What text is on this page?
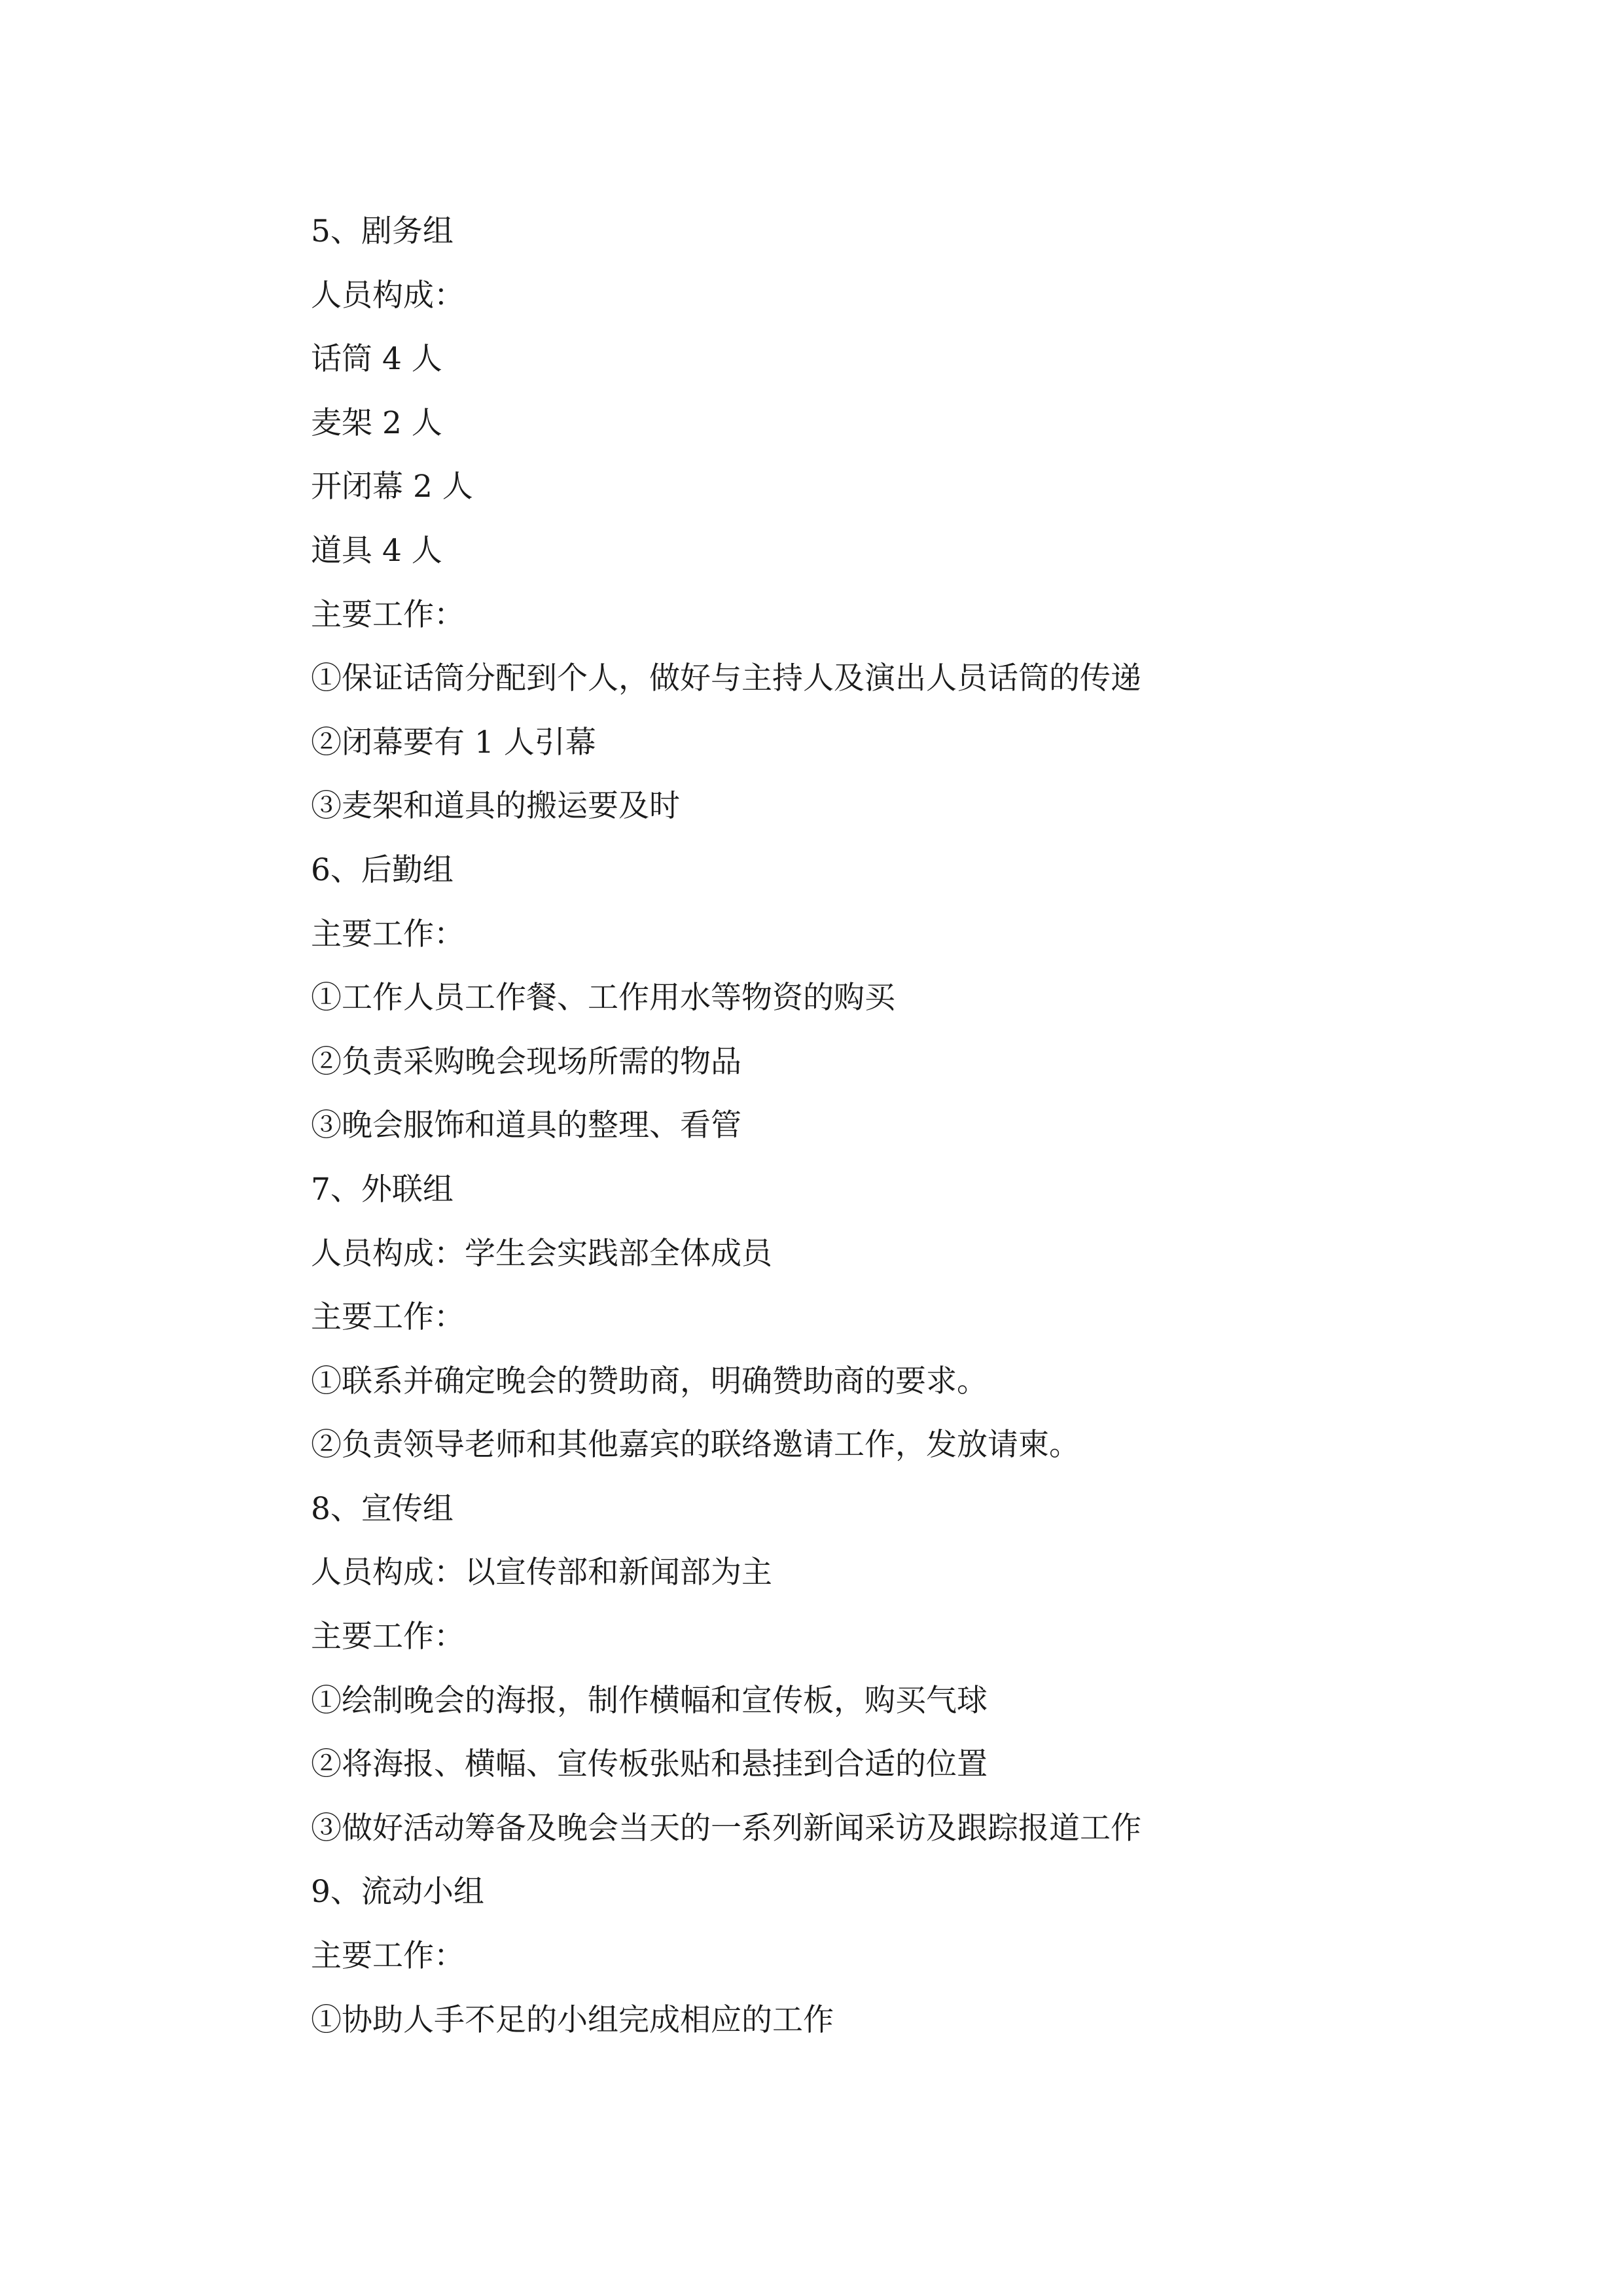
5、剧务组
人员构成：
话筒 4 人
麦架 2 人
开闭幕 2 人
道具 4 人
主要工作：
①保证话筒分配到个人，做好与主持人及演出人员话筒的传递
②闭幕要有 1 人引幕
③麦架和道具的搬运要及时
6、后勤组
主要工作：
①工作人员工作餐、工作用水等物资的购买
②负责采购晚会现场所需的物品
③晚会服饰和道具的整理、看管
7、外联组
人员构成：学生会实践部全体成员
主要工作：
①联系并确定晚会的赞助商，明确赞助商的要求。
②负责领导老师和其他嘉宾的联络邀请工作，发放请柬。
8、宣传组
人员构成：以宣传部和新闻部为主
主要工作：
①绘制晚会的海报，制作横幅和宣传板，购买气球
②将海报、横幅、宣传板张贴和悬挂到合适的位置
③做好活动筹备及晚会当天的一系列新闻采访及跟踪报道工作
9、流动小组
主要工作：
①协助人手不足的小组完成相应的工作
